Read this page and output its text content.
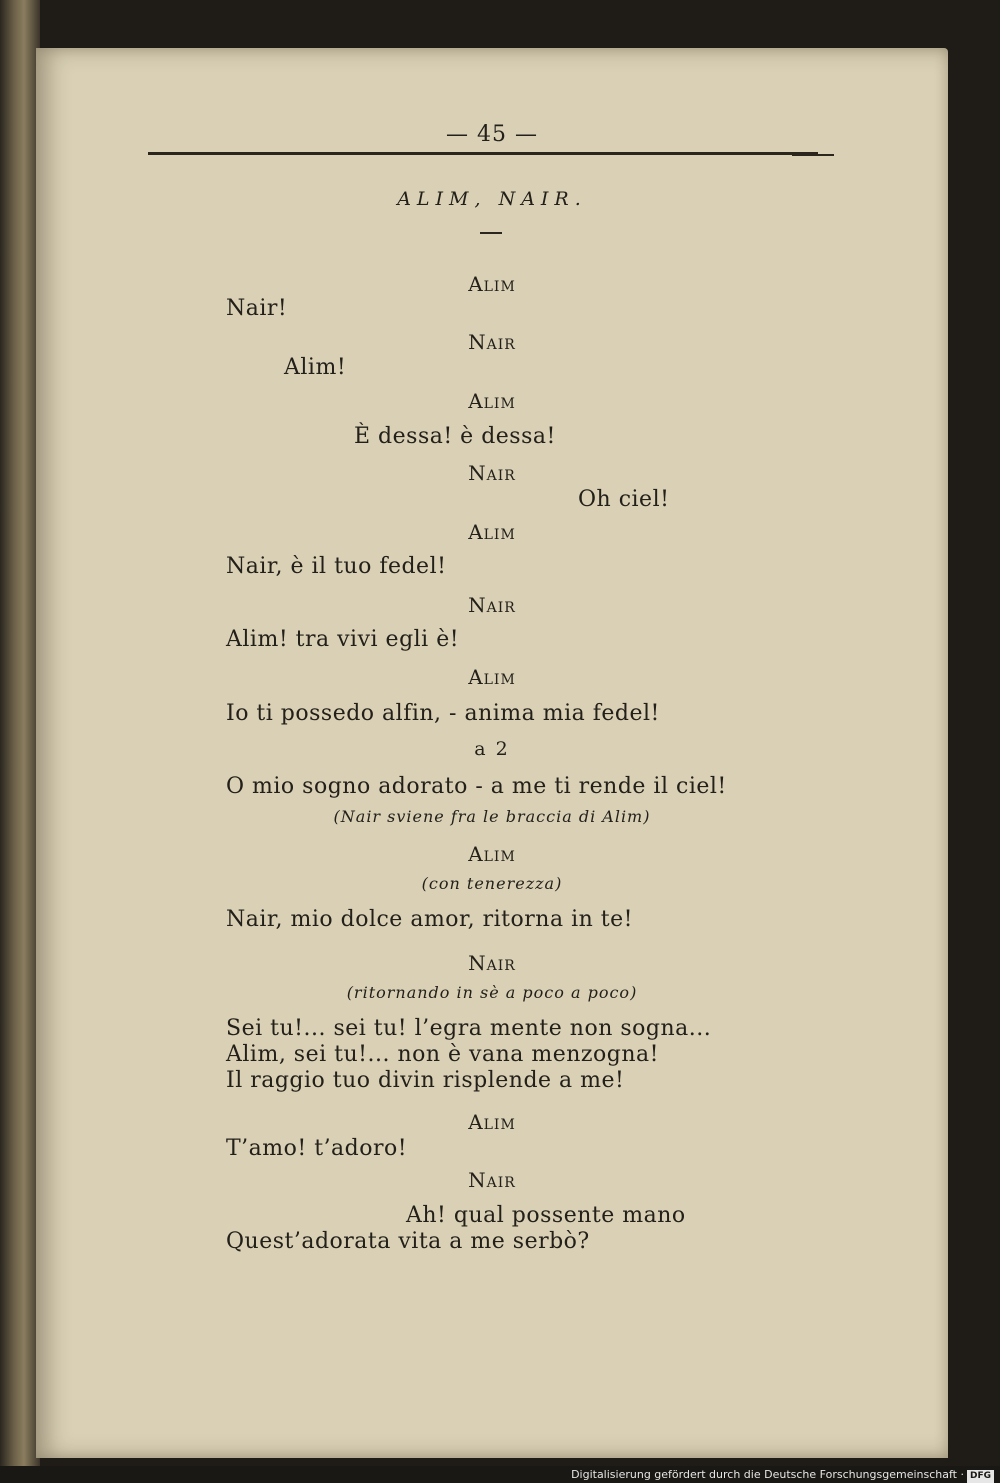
— 45 —
ALIM, NAIR.
Alim
Nair!
Nair
Alim!
Alim
È dessa! è dessa!
Nair
Oh ciel!
Alim
Nair, è il tuo fedel!
Nair
Alim! tra vivi egli è!
Alim
Io ti possedo alfin, - anima mia fedel!
a 2
O mio sogno adorato - a me ti rende il ciel!
(Nair sviene fra le braccia di Alim)
Alim
(con tenerezza)
Nair, mio dolce amor, ritorna in te!
Nair
(ritornando in sè a poco a poco)
Sei tu!... sei tu! l’egra mente non sogna...
Alim, sei tu!... non è vana menzogna!
Il raggio tuo divin risplende a me!
Alim
T’amo! t’adoro!
Nair
Ah! qual possente mano
Quest’adorata vita a me serbò?
Digitalisierung gefördert durch die Deutsche Forschungsgemeinschaft · DFG
